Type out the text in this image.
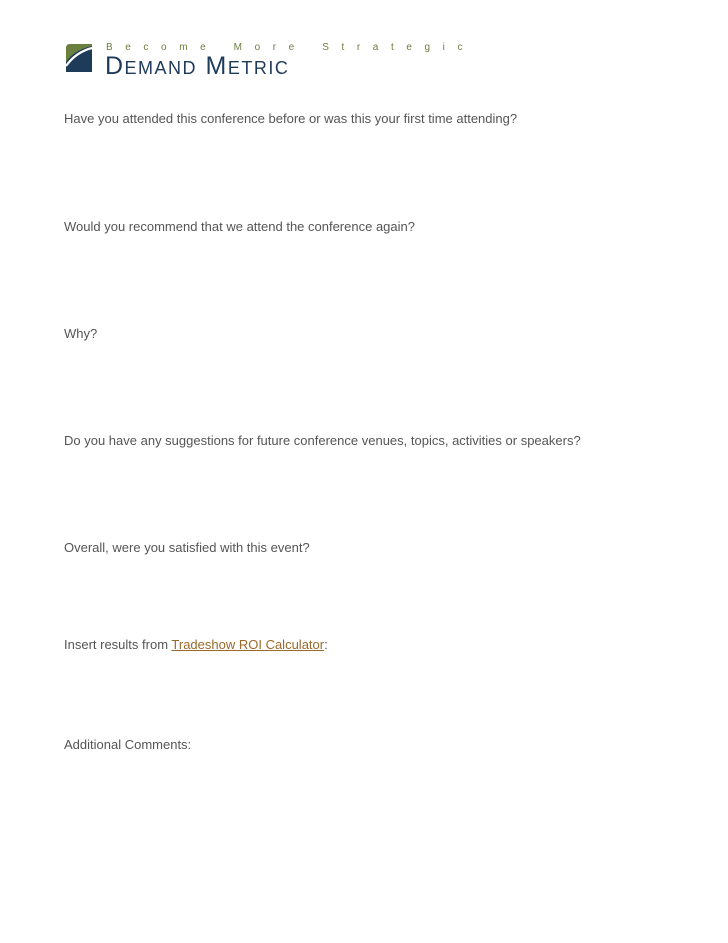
Become More Strategic
Demand Metric

Have you attended this conference before or was this your first time attending?

Would you recommend that we attend the conference again?

Why?

Do you have any suggestions for future conference venues, topics, activities or speakers?

Overall, were you satisfied with this event?

Insert results from Tradeshow ROI Calculator:

Additional Comments:
